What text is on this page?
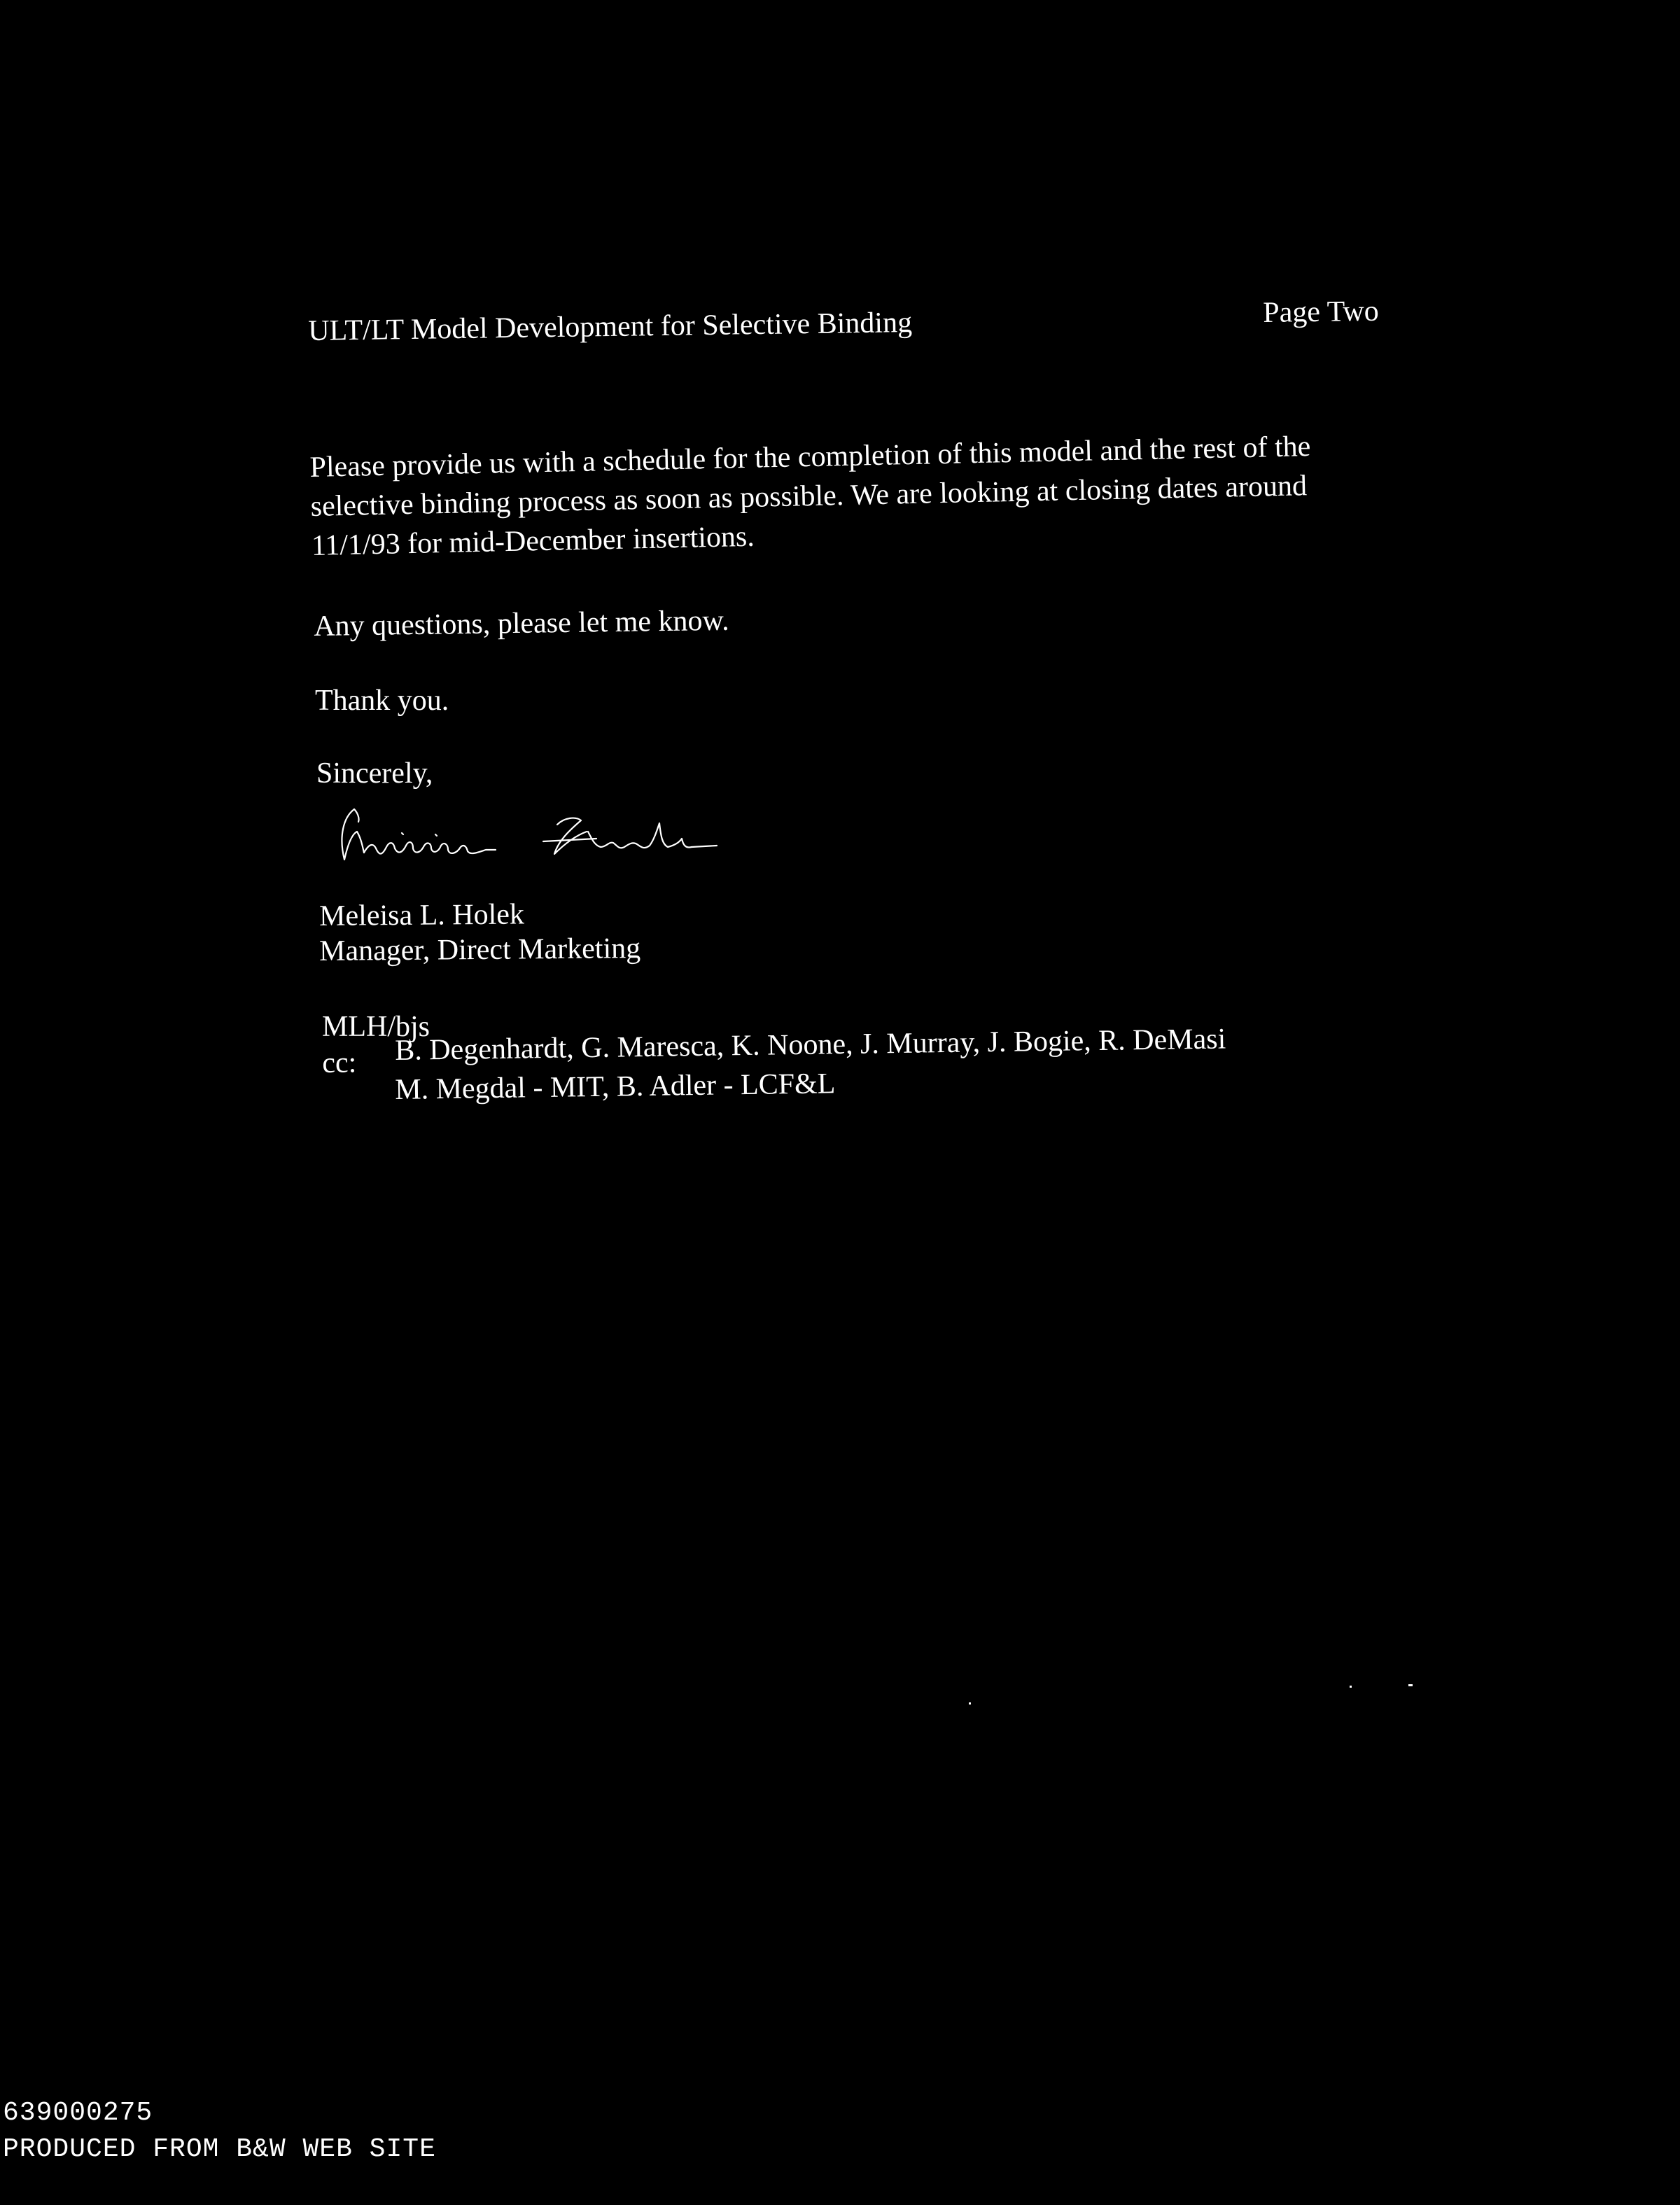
ULT/LT Model Development for Selective Binding	Page Two
Please provide us with a schedule for the completion of this model and the rest of the
selective binding process as soon as possible. We are looking at closing dates around
11/1/93 for mid-December insertions.
Any questions, please let me know.
Thank you.
Sincerely,
Meleisa L. Holek
Manager, Direct Marketing
MLH/bjs
cc: B. Degenhardt, G. Maresca, K. Noone, J. Murray, J. Bogie, R. DeMasi
M. Megdal - MIT, B. Adler - LCF&L
639000275
PRODUCED FROM B&W WEB SITE
